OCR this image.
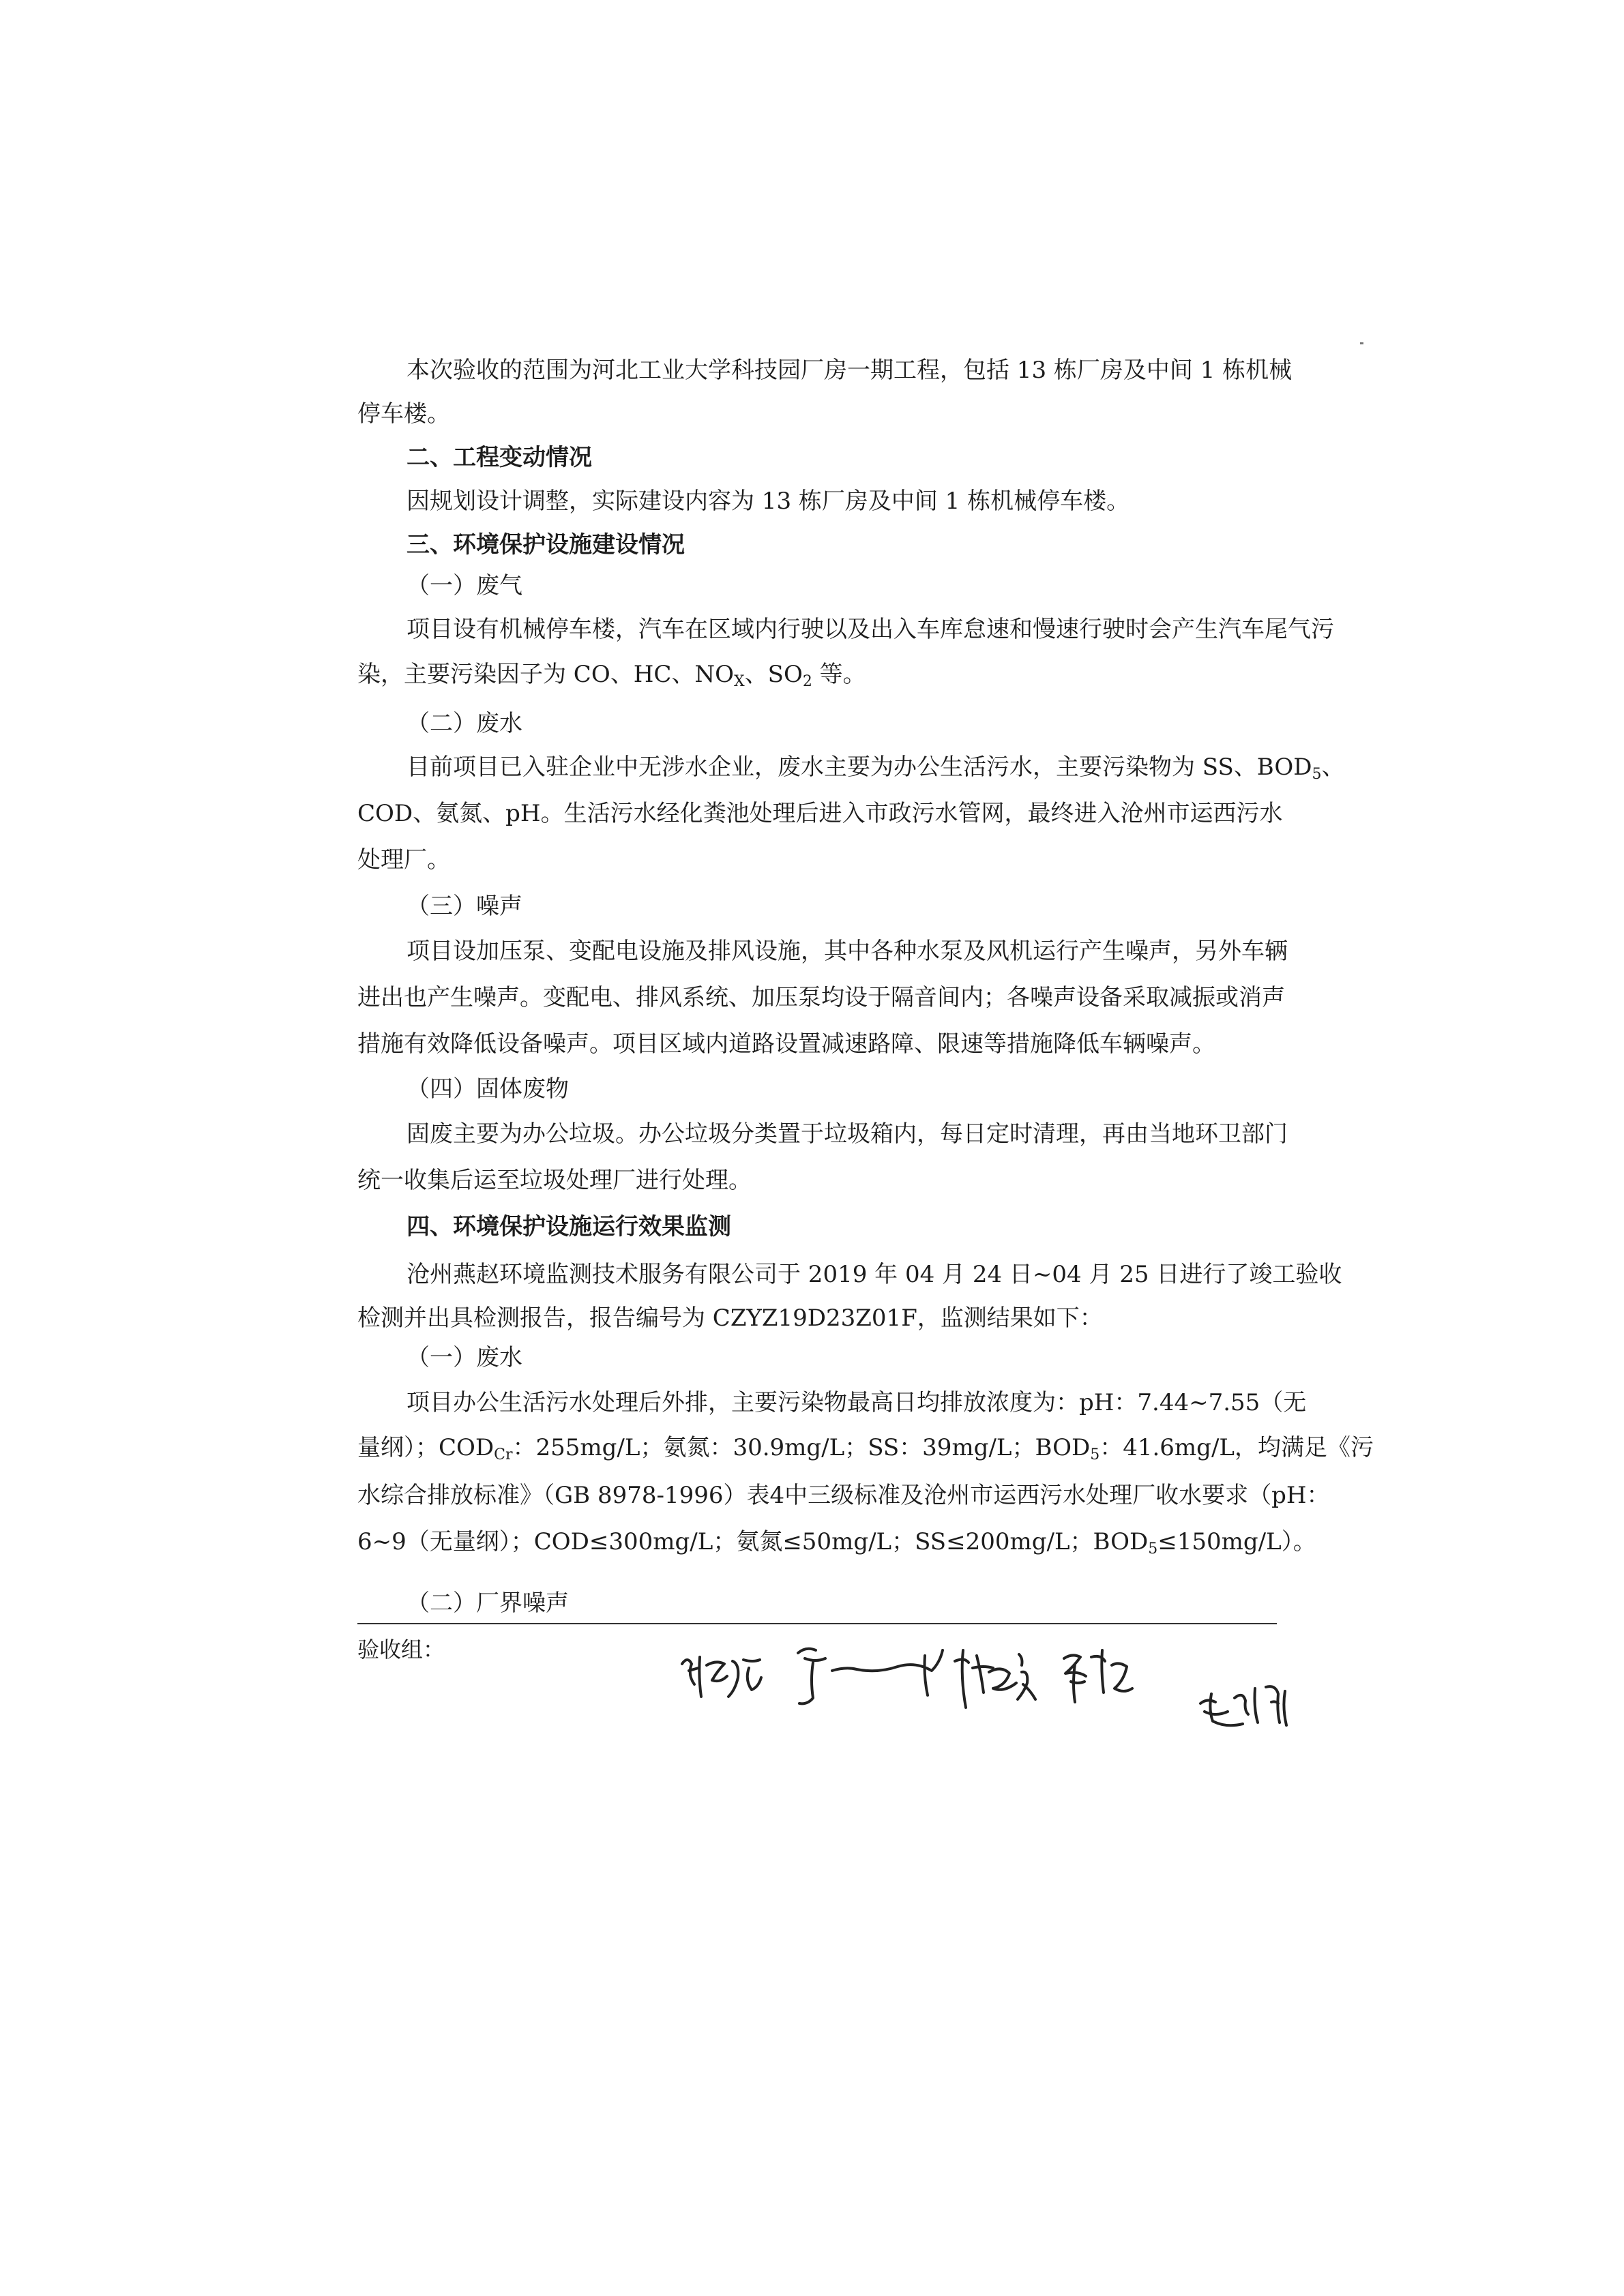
本次验收的范围为河北工业大学科技园厂房一期工程，包括 13 栋厂房及中间 1 栋机械
停车楼。
二、工程变动情况
因规划设计调整，实际建设内容为 13 栋厂房及中间 1 栋机械停车楼。
三、环境保护设施建设情况
（一）废气
项目设有机械停车楼，汽车在区域内行驶以及出入车库怠速和慢速行驶时会产生汽车尾气污
染，主要污染因子为 CO、HC、$NO_X$、$SO_2$ 等。
（二）废水
目前项目已入驻企业中无涉水企业，废水主要为办公生活污水，主要污染物为 SS、$BOD_5$、
COD、氨氮、pH。生活污水经化粪池处理后进入市政污水管网，最终进入沧州市运西污水
处理厂。
（三）噪声
项目设加压泵、变配电设施及排风设施，其中各种水泵及风机运行产生噪声，另外车辆
进出也产生噪声。变配电、排风系统、加压泵均设于隔音间内；各噪声设备采取减振或消声
措施有效降低设备噪声。项目区域内道路设置减速路障、限速等措施降低车辆噪声。
（四）固体废物
固废主要为办公垃圾。办公垃圾分类置于垃圾箱内，每日定时清理，再由当地环卫部门
统一收集后运至垃圾处理厂进行处理。
四、环境保护设施运行效果监测
沧州燕赵环境监测技术服务有限公司于 2019 年 04 月 24 日~04 月 25 日进行了竣工验收
检测并出具检测报告，报告编号为 CZYZ19D23Z01F，监测结果如下：
（一）废水
项目办公生活污水处理后外排，主要污染物最高日均排放浓度为：pH：7.44~7.55（无
量纲）；$COD_{Cr}$：255mg/L；氨氮：30.9mg/L；SS：39mg/L；$BOD_5$：41.6mg/L，均满足《污
水综合排放标准》（GB 8978-1996）表4中三级标准及沧州市运西污水处理厂收水要求（pH：
6~9（无量纲）；COD≤300mg/L；氨氮≤50mg/L；SS≤200mg/L；$BOD_5\le 150mg/L$）。
（二）厂界噪声
验收组：
